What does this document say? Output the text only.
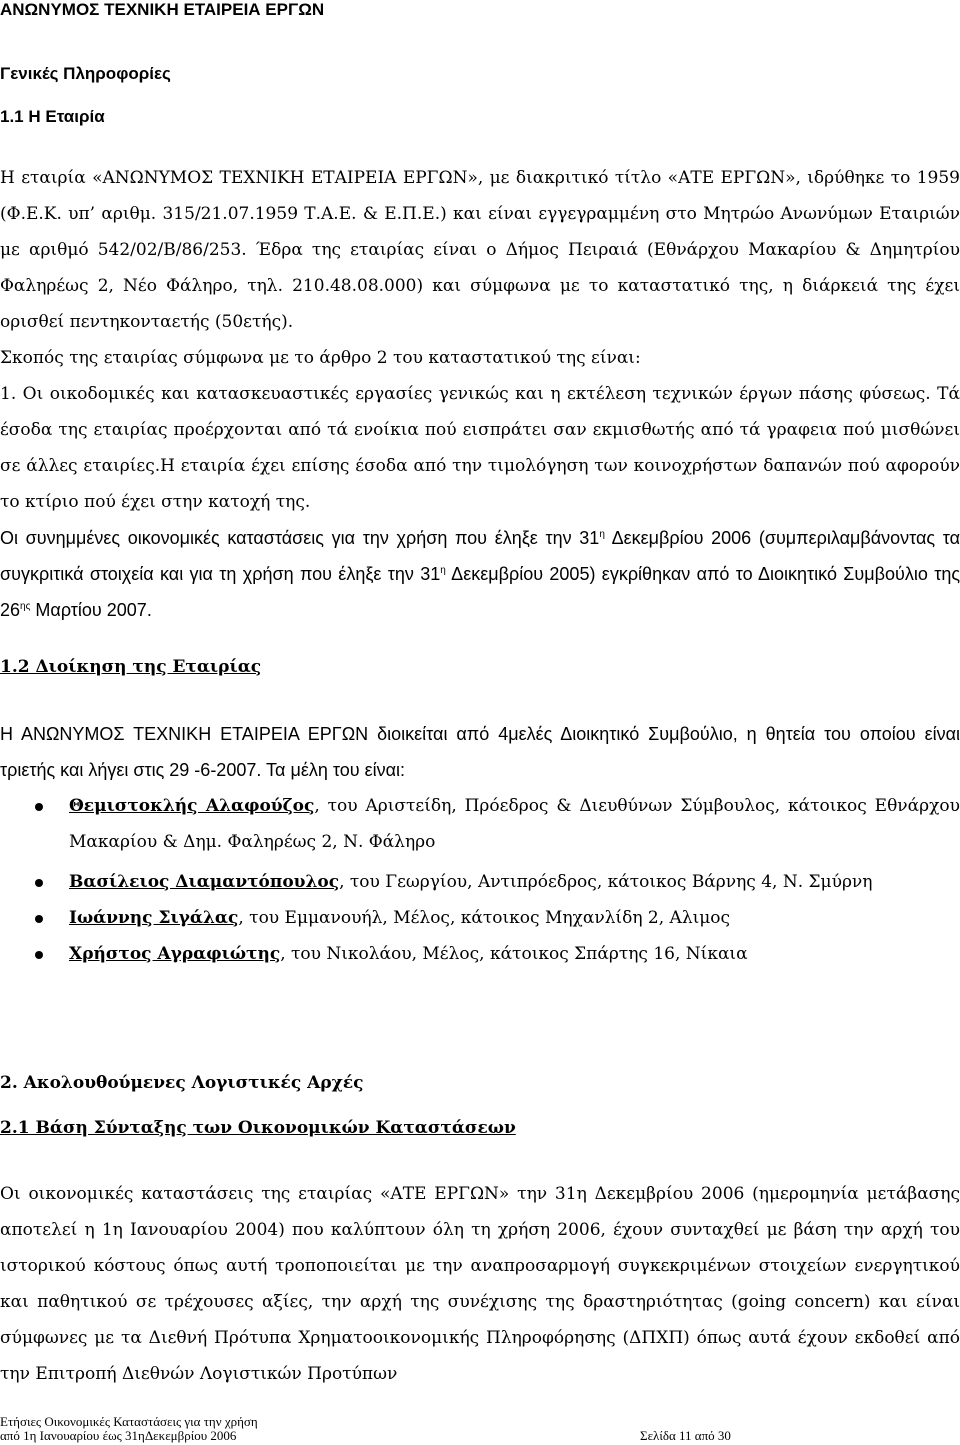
ΑΝΩΝΥΜΟΣ ΤΕΧΝΙΚΗ ΕΤΑΙΡΕΙΑ ΕΡΓΩΝ
Γενικές Πληροφορίες
1.1 Η Εταιρία
Η εταιρία «ΑΝΩΝΥΜΟΣ ΤΕΧΝΙΚΗ ΕΤΑΙΡΕΙΑ ΕΡΓΩΝ», με διακριτικό τίτλο «ΑΤΕ ΕΡΓΩΝ», ιδρύθηκε το 1959 (Φ.Ε.Κ. υπ’ αριθμ. 315/21.07.1959 Τ.Α.Ε. & Ε.Π.Ε.) και είναι εγγεγραμμένη στο Μητρώο Ανωνύμων Εταιριών με αριθμό 542/02/Β/86/253. Έδρα της εταιρίας είναι ο Δήμος Πειραιά (Εθνάρχου Μακαρίου & Δημητρίου Φαληρέως 2, Νέο Φάληρο, τηλ. 210.48.08.000) και σύμφωνα με το καταστατικό της, η διάρκειά της έχει ορισθεί πεντηκονταετής (50ετής).
Σκοπός της εταιρίας σύμφωνα με το άρθρο 2 του καταστατικού της είναι:
1. Οι οικοδομικές και κατασκευαστικές εργασίες γενικώς και η εκτέλεση τεχνικών έργων πάσης φύσεως. Τά έσοδα της εταιρίας προέρχονται από τά ενοίκια πού εισπράτει σαν εκμισθωτής από τά γραφεια πού μισθώνει σε άλλες εταιρίες.Η εταιρία έχει επίσης έσοδα από την τιμολόγηση των κοινοχρήστων δαπανών πού αφορούν το κτίριο πού έχει στην κατοχή της.
Οι συνημμένες οικονομικές καταστάσεις για την χρήση που έληξε την $31^\eta$ Δεκεμβρίου 2006 (συμπεριλαμβάνοντας τα συγκριτικά στοιχεία και για τη χρήση που έληξε την $31^\eta$ Δεκεμβρίου 2005) εγκρίθηκαν από το Διοικητικό Συμβούλιο της $26^{\eta\varsigma}$ Μαρτίου 2007.
1.2 Διοίκηση της Εταιρίας
Η ΑΝΩΝΥΜΟΣ ΤΕΧΝΙΚΗ ΕΤΑΙΡΕΙΑ ΕΡΓΩΝ διοικείται από 4μελές Διοικητικό Συμβούλιο, η θητεία του οποίου είναι τριετής και λήγει στις 29 -6-2007. Τα μέλη του είναι:
Θεμιστοκλής Αλαφούζος, του Αριστείδη, Πρόεδρος & Διευθύνων Σύμβουλος, κάτοικος Εθνάρχου Μακαρίου & Δημ. Φαληρέως 2, Ν. Φάληρο
Βασίλειος Διαμαντόπουλος, του Γεωργίου, Αντιπρόεδρος, κάτοικος Βάρνης 4, Ν. Σμύρνη
Ιωάννης Σιγάλας, του Εμμανουήλ, Μέλος, κάτοικος Μηχανλίδη 2, Αλιμος
Χρήστος Αγραφιώτης, του Νικολάου, Μέλος, κάτοικος Σπάρτης 16, Νίκαια
2. Ακολουθούμενες Λογιστικές Αρχές
2.1 Βάση Σύνταξης των Οικονομικών Καταστάσεων
Οι οικονομικές καταστάσεις της εταιρίας «ΑΤΕ ΕΡΓΩΝ» την 31η Δεκεμβρίου 2006 (ημερομηνία μετάβασης αποτελεί η 1η Ιανουαρίου 2004) που καλύπτουν όλη τη χρήση 2006, έχουν συνταχθεί με βάση την αρχή του ιστορικού κόστους όπως αυτή τροποποιείται με την αναπροσαρμογή συγκεκριμένων στοιχείων ενεργητικού και παθητικού σε τρέχουσες αξίες, την αρχή της συνέχισης της δραστηριότητας (going concern) και είναι σύμφωνες με τα Διεθνή Πρότυπα Χρηματοοικονομικής Πληροφόρησης (ΔΠΧΠ) όπως αυτά έχουν εκδοθεί από την Επιτροπή Διεθνών Λογιστικών Προτύπων
Ετήσιες Οικονομικές Καταστάσεις για την χρήση
από 1η Ιανουαρίου έως 31ηΔεκεμβρίου 2006	Σελίδα 11 από 30
